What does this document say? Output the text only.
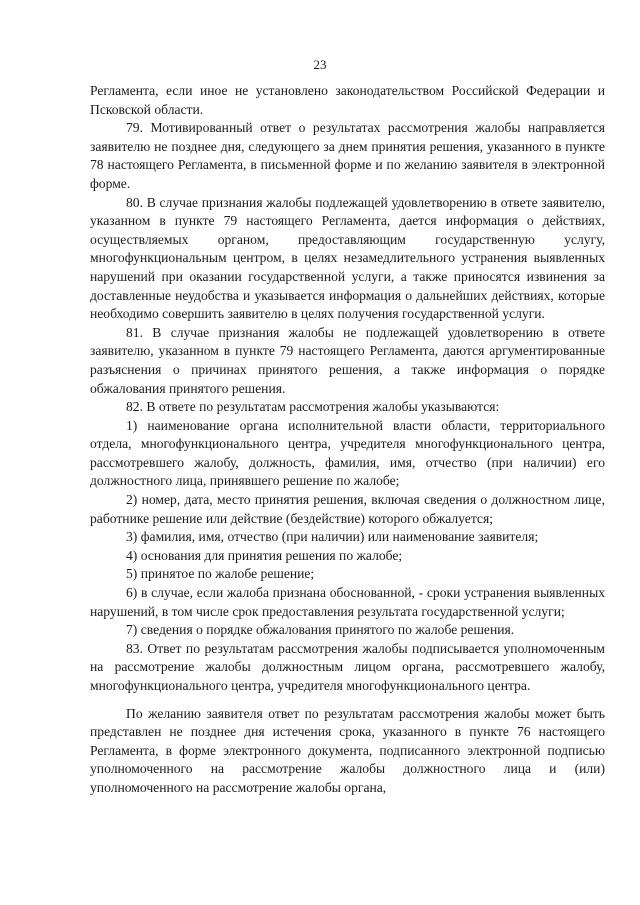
23

Регламента, если иное не установлено законодательством Российской Федерации и Псковской области.

79. Мотивированный ответ о результатах рассмотрения жалобы направляется заявителю не позднее дня, следующего за днем принятия решения, указанного в пункте 78 настоящего Регламента, в письменной форме и по желанию заявителя в электронной форме.

80. В случае признания жалобы подлежащей удовлетворению в ответе заявителю, указанном в пункте 79 настоящего Регламента, дается информация о действиях, осуществляемых органом, предоставляющим государственную услугу, многофункциональным центром, в целях незамедлительного устранения выявленных нарушений при оказании государственной услуги, а также приносятся извинения за доставленные неудобства и указывается информация о дальнейших действиях, которые необходимо совершить заявителю в целях получения государственной услуги.

81. В случае признания жалобы не подлежащей удовлетворению в ответе заявителю, указанном в пункте 79 настоящего Регламента, даются аргументированные разъяснения о причинах принятого решения, а также информация о порядке обжалования принятого решения.

82. В ответе по результатам рассмотрения жалобы указываются:

1) наименование органа исполнительной власти области, территориального отдела, многофункционального центра, учредителя многофункционального центра, рассмотревшего жалобу, должность, фамилия, имя, отчество (при наличии) его должностного лица, принявшего решение по жалобе;

2) номер, дата, место принятия решения, включая сведения о должностном лице, работнике решение или действие (бездействие) которого обжалуется;

3) фамилия, имя, отчество (при наличии) или наименование заявителя;

4) основания для принятия решения по жалобе;

5) принятое по жалобе решение;

6) в случае, если жалоба признана обоснованной, - сроки устранения выявленных нарушений, в том числе срок предоставления результата государственной услуги;

7) сведения о порядке обжалования принятого по жалобе решения.

83. Ответ по результатам рассмотрения жалобы подписывается уполномоченным на рассмотрение жалобы должностным лицом органа, рассмотревшего жалобу, многофункционального центра, учредителя многофункционального центра.

По желанию заявителя ответ по результатам рассмотрения жалобы может быть представлен не позднее дня истечения срока, указанного в пункте 76 настоящего Регламента, в форме электронного документа, подписанного электронной подписью уполномоченного на рассмотрение жалобы должностного лица и (или) уполномоченного на рассмотрение жалобы органа,
